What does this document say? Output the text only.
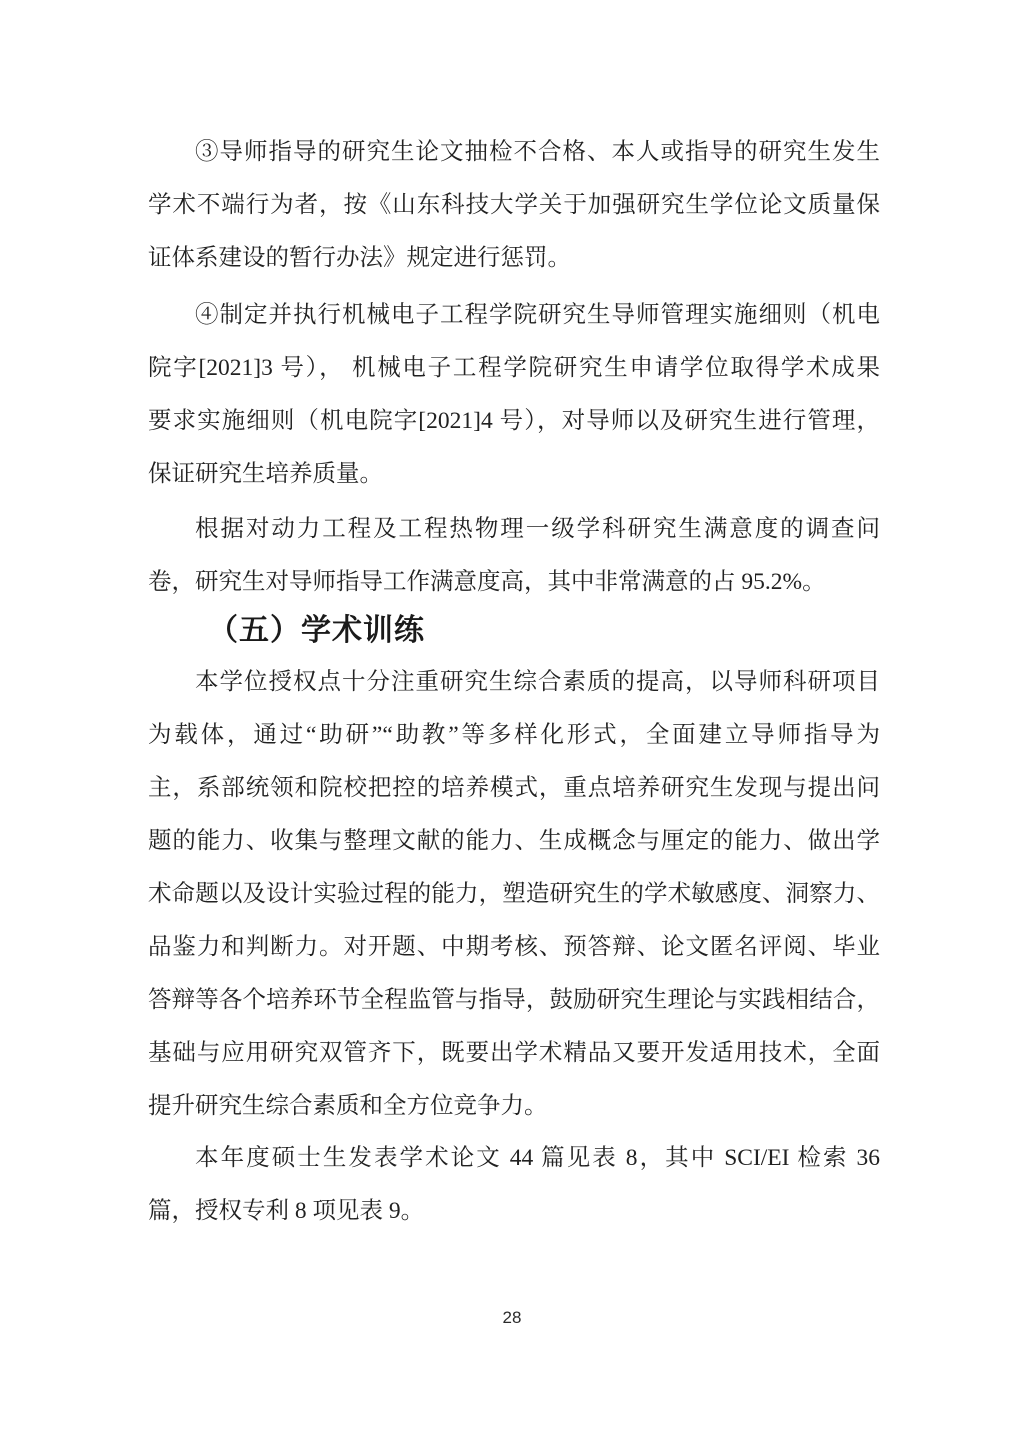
③导师指导的研究生论文抽检不合格、本人或指导的研究生发生
学术不端行为者，按《山东科技大学关于加强研究生学位论文质量保
证体系建设的暂行办法》规定进行惩罚。
④制定并执行机械电子工程学院研究生导师管理实施细则（机电
院字[2021]3 号）， 机械电子工程学院研究生申请学位取得学术成果
要求实施细则（机电院字[2021]4 号），对导师以及研究生进行管理，
保证研究生培养质量。
根据对动力工程及工程热物理一级学科研究生满意度的调查问
卷，研究生对导师指导工作满意度高，其中非常满意的占 95.2%。
（五）学术训练
本学位授权点十分注重研究生综合素质的提高，以导师科研项目
为载体，通过“助研”“助教”等多样化形式，全面建立导师指导为
主，系部统领和院校把控的培养模式，重点培养研究生发现与提出问
题的能力、收集与整理文献的能力、生成概念与厘定的能力、做出学
术命题以及设计实验过程的能力，塑造研究生的学术敏感度、洞察力、
品鉴力和判断力。对开题、中期考核、预答辩、论文匿名评阅、毕业
答辩等各个培养环节全程监管与指导，鼓励研究生理论与实践相结合，
基础与应用研究双管齐下，既要出学术精品又要开发适用技术，全面
提升研究生综合素质和全方位竞争力。
本年度硕士生发表学术论文 44 篇见表 8，其中 SCI/EI 检索 36
篇，授权专利 8 项见表 9。
28
